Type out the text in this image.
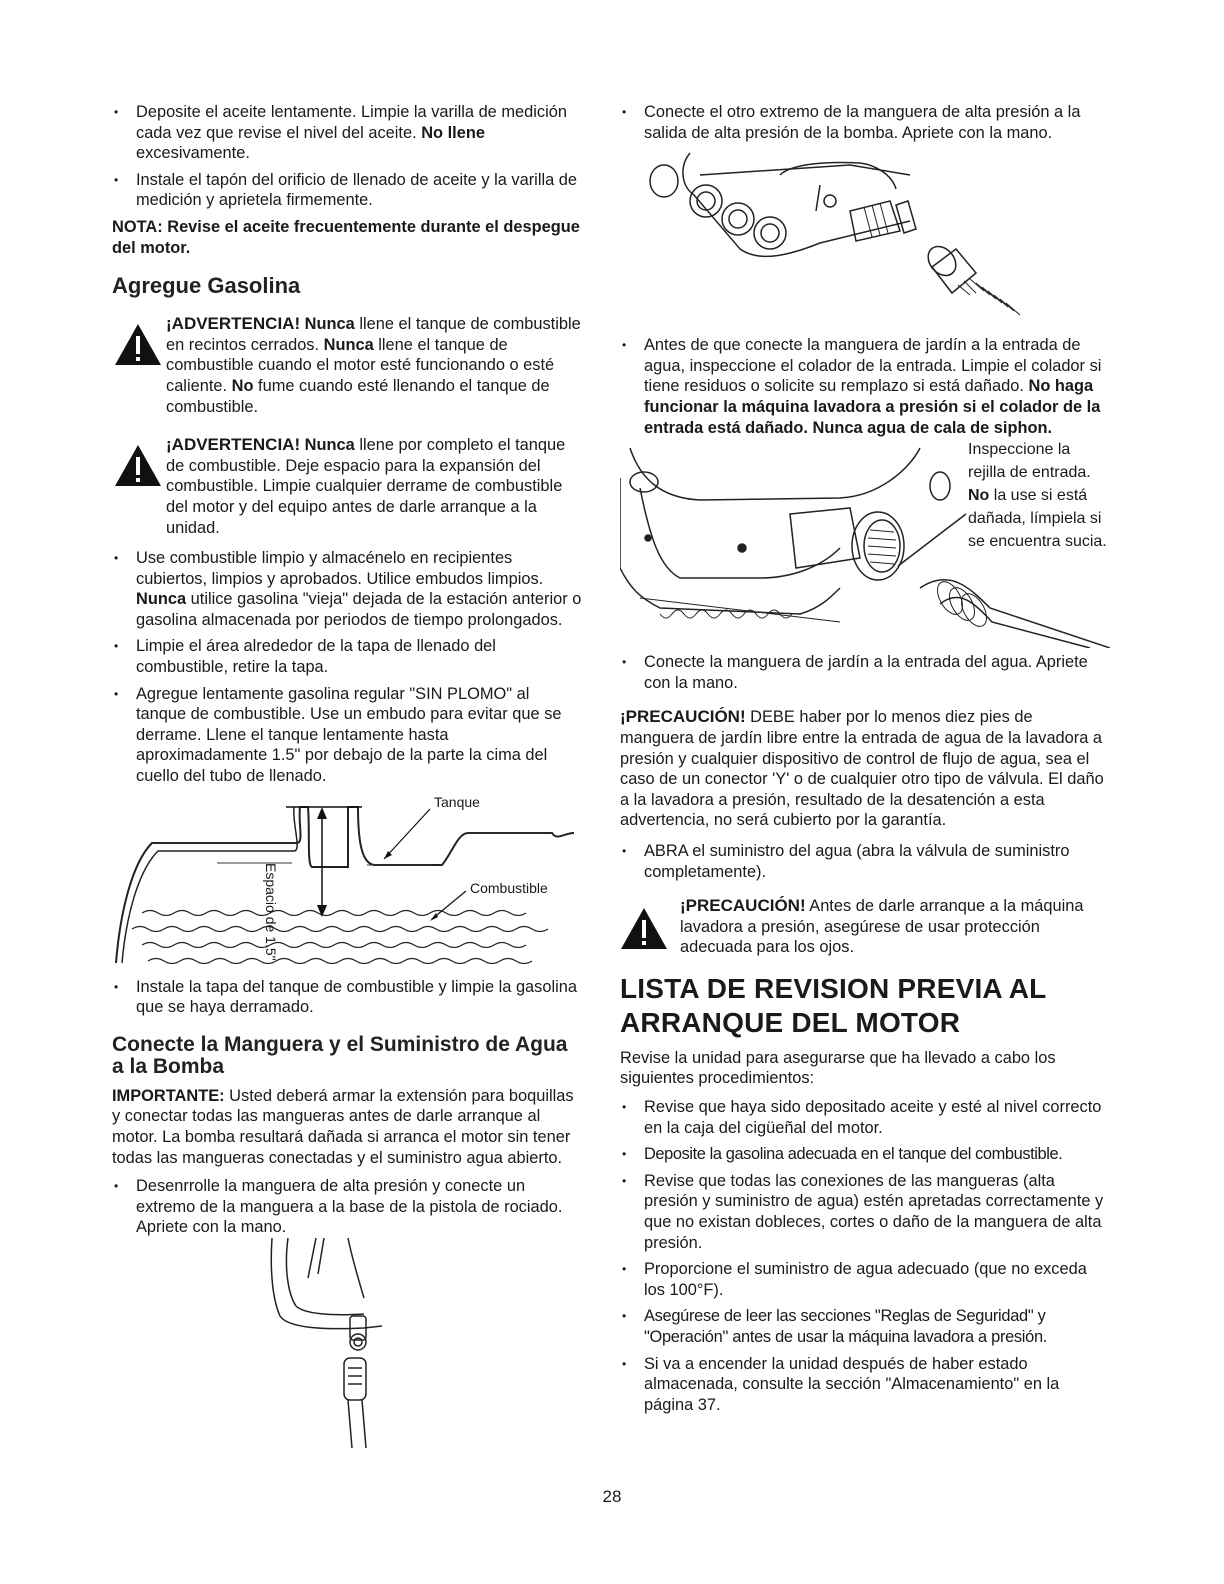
• Deposite el aceite lentamente. Limpie la varilla de medición cada vez que revise el nivel del aceite. No llene excesivamente.
• Instale el tapón del orificio de llenado de aceite y la varilla de medición y aprietela firmemente.

NOTA: Revise el aceite frecuentemente durante el despegue del motor.

Agregue Gasolina
¡ADVERTENCIA! Nunca llene el tanque de combustible en recintos cerrados. Nunca llene el tanque de combustible cuando el motor esté funcionando o esté caliente. No fume cuando esté llenando el tanque de combustible.
¡ADVERTENCIA! Nunca llene por completo el tanque de combustible. Deje espacio para la expansión del combustible. Limpie cualquier derrame de combustible del motor y del equipo antes de darle arranque a la unidad.
• Use combustible limpio y almacénelo en recipientes cubiertos, limpios y aprobados. Utilice embudos limpios. Nunca utilice gasolina "vieja" dejada de la estación anterior o gasolina almacenada por periodos de tiempo prolongados.
• Limpie el área alrededor de la tapa de llenado del combustible, retire la tapa.
• Agregue lentamente gasolina regular "SIN PLOMO" al tanque de combustible. Use un embudo para evitar que se derrame. Llene el tanque lentamente hasta aproximadamente 1.5" por debajo de la parte la cima del cuello del tubo de llenado.
Tanque
Espacio de 1.5"	Combustible
• Instale la tapa del tanque de combustible y limpie la gasolina que se haya derramado.
Conecte la Manguera y el Suministro de Agua a la Bomba

IMPORTANTE: Usted deberá armar la extensión para boquillas y conectar todas las mangueras antes de darle arranque al motor. La bomba resultará dañada si arranca el motor sin tener todas las mangueras conectadas y el suministro agua abierto.

• Desenrrolle la manguera de alta presión y conecte un extremo de la manguera a la base de la pistola de rociado. Apriete con la mano.
• Conecte el otro extremo de la manguera de alta presión a la salida de alta presión de la bomba. Apriete con la mano.
• Antes de que conecte la manguera de jardín a la entrada de agua, inspeccione el colador de la entrada. Limpie el colador si tiene residuos o solicite su remplazo si está dañado. No haga funcionar la máquina lavadora a presión si el colador de la entrada está dañado. Nunca agua de cala de siphon.
Inspeccione la rejilla de entrada. No la use si está dañada, límpiela si se encuentra sucia.
• Conecte la manguera de jardín a la entrada del agua. Apriete con la mano.

¡PRECAUCIÓN! DEBE haber por lo menos diez pies de manguera de jardín libre entre la entrada de agua de la lavadora a presión y cualquier dispositivo de control de flujo de agua, sea el caso de un conector 'Y' o de cualquier otro tipo de válvula. El daño a la lavadora a presión, resultado de la desatención a esta advertencia, no será cubierto por la garantía.

• ABRA el suministro del agua (abra la válvula de suministro completamente).
¡PRECAUCIÓN! Antes de darle arranque a la máquina lavadora a presión, asegúrese de usar protección adecuada para los ojos.
LISTA DE REVISION PREVIA AL
ARRANQUE DEL MOTOR

Revise la unidad para asegurarse que ha llevado a cabo los siguientes procedimientos:

• Revise que haya sido depositado aceite y esté al nivel correcto en la caja del cigüeñal del motor.
• Deposite la gasolina adecuada en el tanque del combustible.
• Revise que todas las conexiones de las mangueras (alta presión y suministro de agua) estén apretadas correctamente y que no existan dobleces, cortes o daño de la manguera de alta presión.
• Proporcione el suministro de agua adecuado (que no exceda los 100°F).
• Asegúrese de leer las secciones "Reglas de Seguridad" y "Operación" antes de usar la máquina lavadora a presión.
• Si va a encender la unidad después de haber estado almacenada, consulte la sección "Almacenamiento" en la página 37.
28
